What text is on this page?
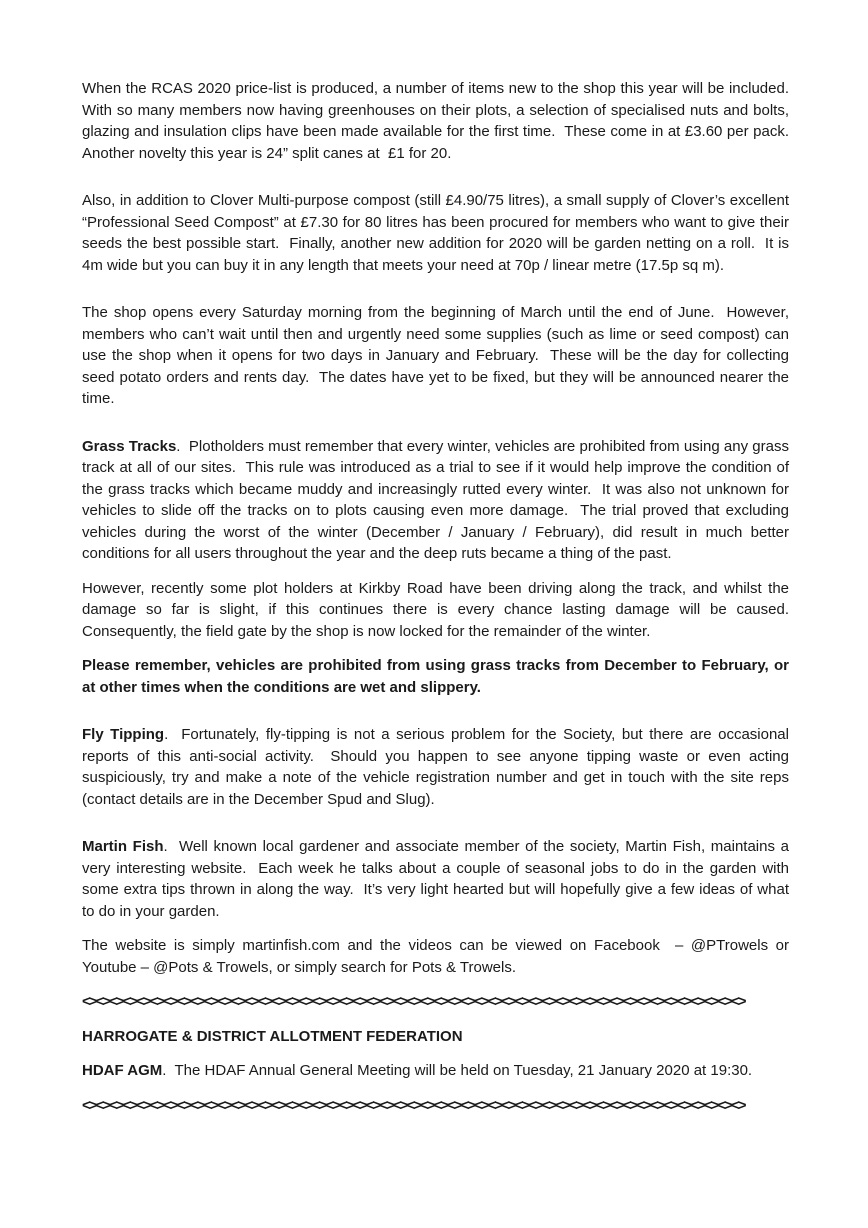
When the RCAS 2020 price-list is produced, a number of items new to the shop this year will be included.  With so many members now having greenhouses on their plots, a selection of specialised nuts and bolts, glazing and insulation clips have been made available for the first time.  These come in at £3.60 per pack.  Another novelty this year is 24” split canes at  £1 for 20.

Also, in addition to Clover Multi-purpose compost (still £4.90/75 litres), a small supply of Clover’s excellent “Professional Seed Compost” at £7.30 for 80 litres has been procured for members who want to give their seeds the best possible start.  Finally, another new addition for 2020 will be garden netting on a roll.  It is 4m wide but you can buy it in any length that meets your need at 70p / linear metre (17.5p sq m).

The shop opens every Saturday morning from the beginning of March until the end of June.  However, members who can’t wait until then and urgently need some supplies (such as lime or seed compost) can use the shop when it opens for two days in January and February.  These will be the day for collecting seed potato orders and rents day.  The dates have yet to be fixed, but they will be announced nearer the time.

Grass Tracks.  Plotholders must remember that every winter, vehicles are prohibited from using any grass track at all of our sites.  This rule was introduced as a trial to see if it would help improve the condition of the grass tracks which became muddy and increasingly rutted every winter.  It was also not unknown for vehicles to slide off the tracks on to plots causing even more damage.  The trial proved that excluding vehicles during the worst of the winter (December / January / February), did result in much better conditions for all users throughout the year and the deep ruts became a thing of the past.

However, recently some plot holders at Kirkby Road have been driving along the track, and whilst the damage so far is slight, if this continues there is every chance lasting damage will be caused.  Consequently, the field gate by the shop is now locked for the remainder of the winter.

Please remember, vehicles are prohibited from using grass tracks from December to February, or at other times when the conditions are wet and slippery.

Fly Tipping.  Fortunately, fly-tipping is not a serious problem for the Society, but there are occasional reports of this anti-social activity.  Should you happen to see anyone tipping waste or even acting suspiciously, try and make a note of the vehicle registration number and get in touch with the site reps (contact details are in the December Spud and Slug).

Martin Fish.  Well known local gardener and associate member of the society, Martin Fish, maintains a very interesting website.  Each week he talks about a couple of seasonal jobs to do in the garden with some extra tips thrown in along the way.  It’s very light hearted but will hopefully give a few ideas of what to do in your garden.

The website is simply martinfish.com and the videos can be viewed on Facebook  – @PTrowels or Youtube – @Pots & Trowels, or simply search for Pots & Trowels.

<><><><><><><><><><><><><><><><><><><><><><><><><><><><><><><><><><><><><><><><><><><><><><><><><>

HARROGATE & DISTRICT ALLOTMENT FEDERATION

HDAF AGM.  The HDAF Annual General Meeting will be held on Tuesday, 21 January 2020 at 19:30.

<><><><><><><><><><><><><><><><><><><><><><><><><><><><><><><><><><><><><><><><><><><><><><><><><>
